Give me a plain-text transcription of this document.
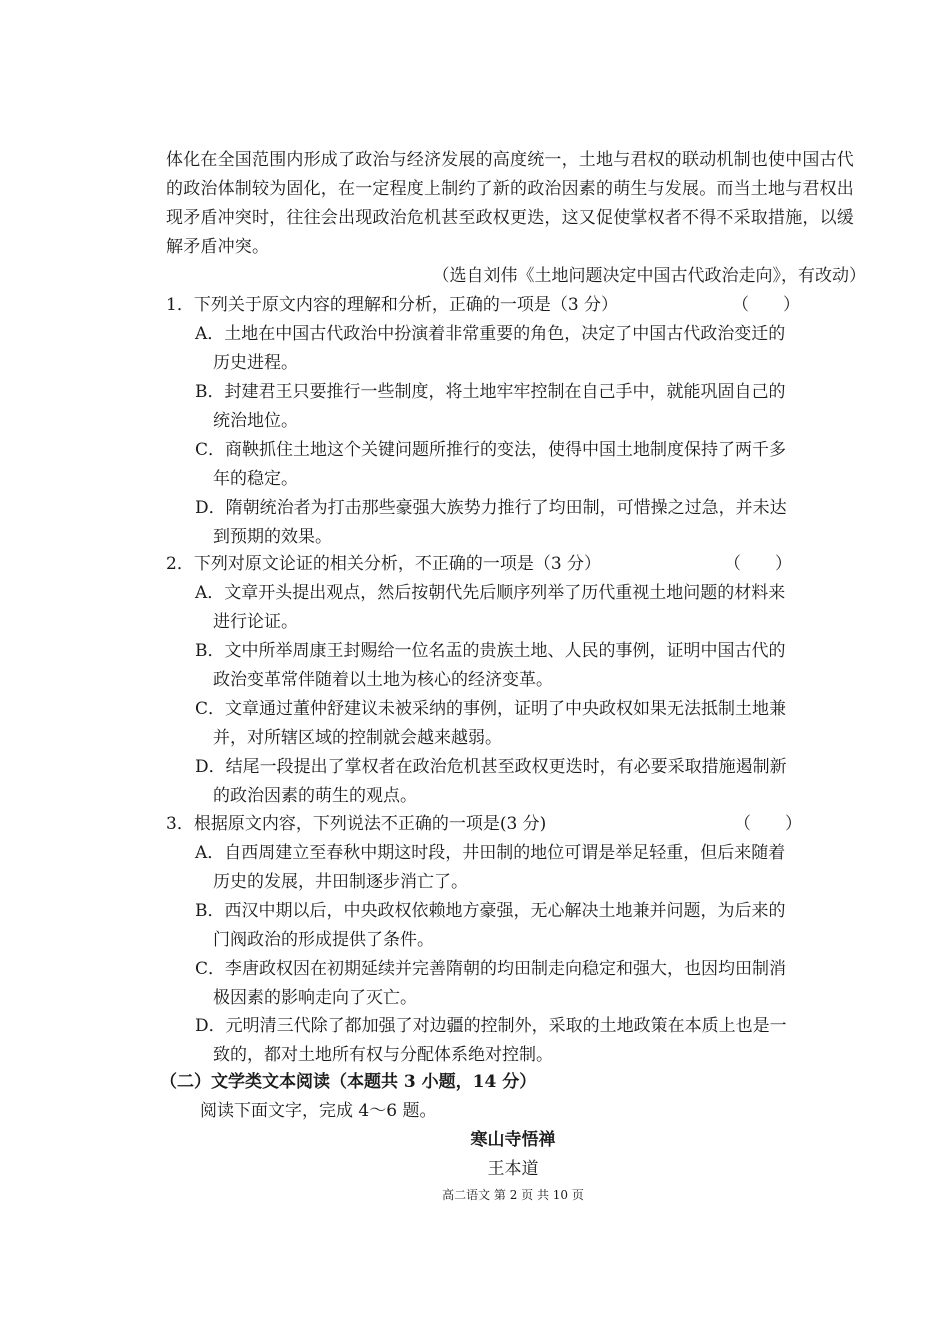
体化在全国范围内形成了政治与经济发展的高度统一，土地与君权的联动机制也使中国古代
的政治体制较为固化，在一定程度上制约了新的政治因素的萌生与发展。而当土地与君权出
现矛盾冲突时，往往会出现政治危机甚至政权更迭，这又促使掌权者不得不采取措施，以缓
解矛盾冲突。
（选自刘伟《土地问题决定中国古代政治走向》，有改动）
1．下列关于原文内容的理解和分析，正确的一项是（3 分）	（　　）
A．土地在中国古代政治中扮演着非常重要的角色，决定了中国古代政治变迁的
历史进程。
B．封建君王只要推行一些制度，将土地牢牢控制在自己手中，就能巩固自己的
统治地位。
C．商鞅抓住土地这个关键问题所推行的变法，使得中国土地制度保持了两千多
年的稳定。
D．隋朝统治者为打击那些豪强大族势力推行了均田制，可惜操之过急，并未达
到预期的效果。
2．下列对原文论证的相关分析，不正确的一项是（3 分）	（　　）
A．文章开头提出观点，然后按朝代先后顺序列举了历代重视土地问题的材料来
进行论证。
B．文中所举周康王封赐给一位名盂的贵族土地、人民的事例，证明中国古代的
政治变革常伴随着以土地为核心的经济变革。
C．文章通过董仲舒建议未被采纳的事例，证明了中央政权如果无法抵制土地兼
并，对所辖区域的控制就会越来越弱。
D．结尾一段提出了掌权者在政治危机甚至政权更迭时，有必要采取措施遏制新
的政治因素的萌生的观点。
3．根据原文内容，下列说法不正确的一项是(3 分)	（　　）
A．自西周建立至春秋中期这时段，井田制的地位可谓是举足轻重，但后来随着
历史的发展，井田制逐步消亡了。
B．西汉中期以后，中央政权依赖地方豪强，无心解决土地兼并问题，为后来的
门阀政治的形成提供了条件。
C．李唐政权因在初期延续并完善隋朝的均田制走向稳定和强大，也因均田制消
极因素的影响走向了灭亡。
D．元明清三代除了都加强了对边疆的控制外，采取的土地政策在本质上也是一
致的，都对土地所有权与分配体系绝对控制。
（二）文学类文本阅读（本题共 3 小题，14 分）
阅读下面文字，完成 4～6 题。
寒山寺悟禅
王本道
高二语文 第 2 页 共 10 页
